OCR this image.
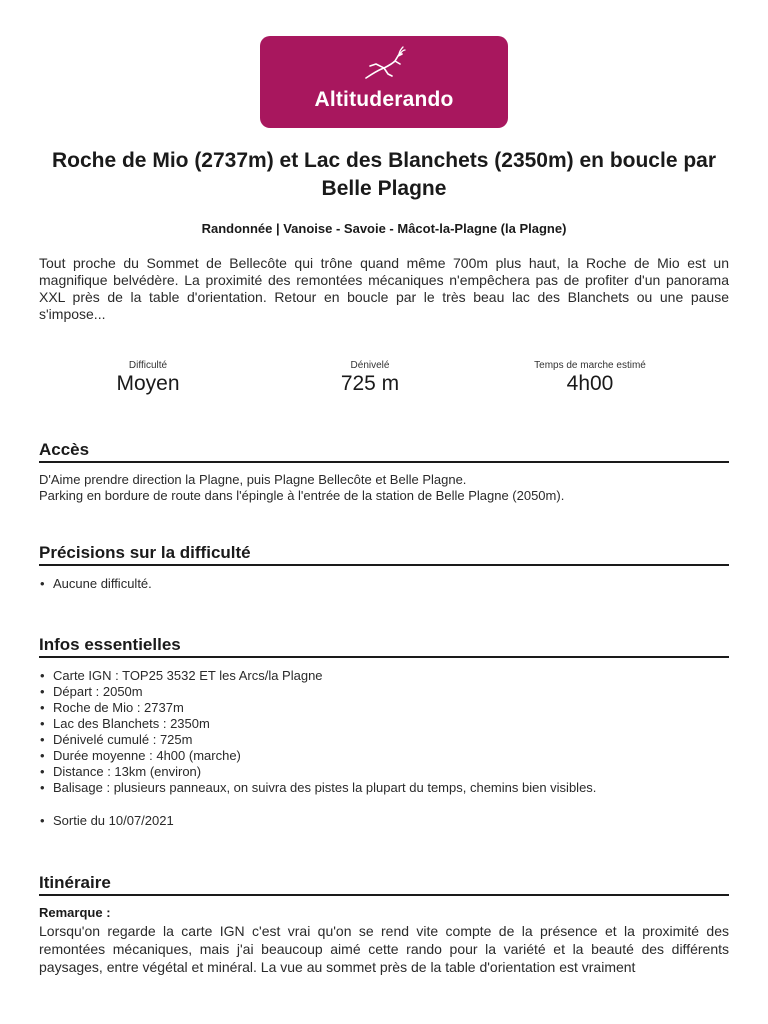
Altituderando
Roche de Mio (2737m) et Lac des Blanchets (2350m) en boucle par Belle Plagne
Randonnée | Vanoise - Savoie - Mâcot-la-Plagne (la Plagne)
Tout proche du Sommet de Bellecôte qui trône quand même 700m plus haut, la Roche de Mio est un magnifique belvédère. La proximité des remontées mécaniques n'empêchera pas de profiter d'un panorama XXL près de la table d'orientation. Retour en boucle par le très beau lac des Blanchets ou une pause s'impose...
Difficulté
Moyen
Dénivelé
725 m
Temps de marche estimé
4h00
Accès
D'Aime prendre direction la Plagne, puis Plagne Bellecôte et Belle Plagne.
Parking en bordure de route dans l'épingle à l'entrée de la station de Belle Plagne (2050m).
Précisions sur la difficulté
• Aucune difficulté.
Infos essentielles
• Carte IGN : TOP25 3532 ET les Arcs/la Plagne
• Départ : 2050m
• Roche de Mio : 2737m
• Lac des Blanchets : 2350m
• Dénivelé cumulé : 725m
• Durée moyenne : 4h00 (marche)
• Distance : 13km (environ)
• Balisage : plusieurs panneaux, on suivra des pistes la plupart du temps, chemins bien visibles.
• Sortie du 10/07/2021
Itinéraire
Remarque :
Lorsqu'on regarde la carte IGN c'est vrai qu'on se rend vite compte de la présence et la proximité des remontées mécaniques, mais j'ai beaucoup aimé cette rando pour la variété et la beauté des différents paysages, entre végétal et minéral. La vue au sommet près de la table d'orientation est vraiment
